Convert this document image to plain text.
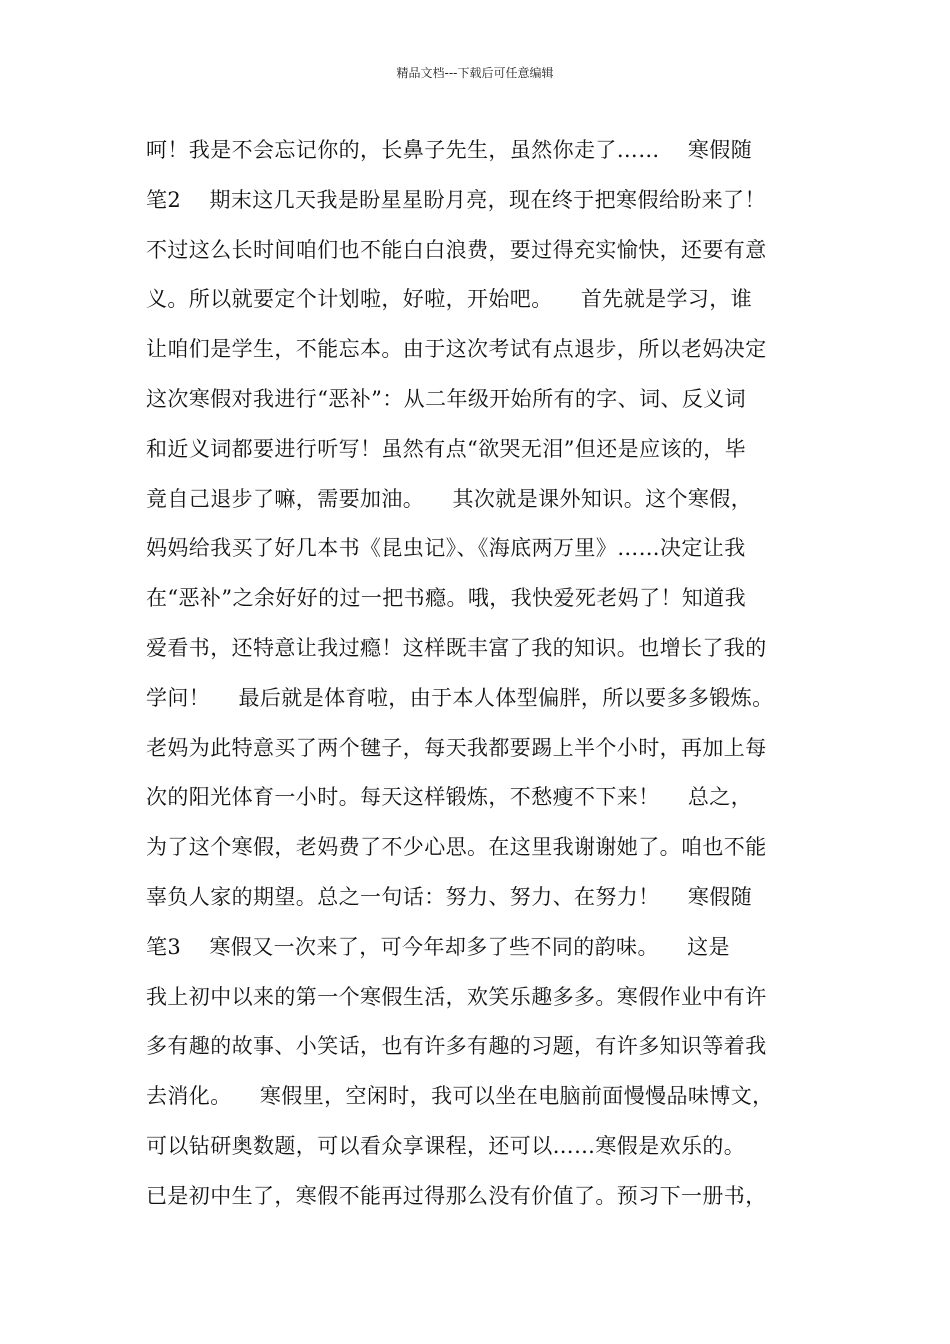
精品文档---下载后可任意编辑
呵！我是不会忘记你的，长鼻子先生，虽然你走了……    寒假随
笔2    期末这几天我是盼星星盼月亮，现在终于把寒假给盼来了！
不过这么长时间咱们也不能白白浪费，要过得充实愉快，还要有意
义。所以就要定个计划啦，好啦，开始吧。    首先就是学习，谁
让咱们是学生，不能忘本。由于这次考试有点退步，所以老妈决定
这次寒假对我进行“恶补”：从二年级开始所有的字、词、反义词
和近义词都要进行听写！虽然有点“欲哭无泪”但还是应该的，毕
竟自己退步了嘛，需要加油。    其次就是课外知识。这个寒假，
妈妈给我买了好几本书《昆虫记》、《海底两万里》……决定让我
在“恶补”之余好好的过一把书瘾。哦，我快爱死老妈了！知道我
爱看书，还特意让我过瘾！这样既丰富了我的知识。也增长了我的
学问！    最后就是体育啦，由于本人体型偏胖，所以要多多锻炼。
老妈为此特意买了两个毽子，每天我都要踢上半个小时，再加上每
次的阳光体育一小时。每天这样锻炼，不愁瘦不下来！    总之，
为了这个寒假，老妈费了不少心思。在这里我谢谢她了。咱也不能
辜负人家的期望。总之一句话：努力、努力、在努力！    寒假随
笔3    寒假又一次来了，可今年却多了些不同的韵味。    这是
我上初中以来的第一个寒假生活，欢笑乐趣多多。寒假作业中有许
多有趣的故事、小笑话，也有许多有趣的习题，有许多知识等着我
去消化。    寒假里，空闲时，我可以坐在电脑前面慢慢品味博文，
可以钻研奥数题，可以看众享课程，还可以……寒假是欢乐的。
已是初中生了，寒假不能再过得那么没有价值了。预习下一册书，
